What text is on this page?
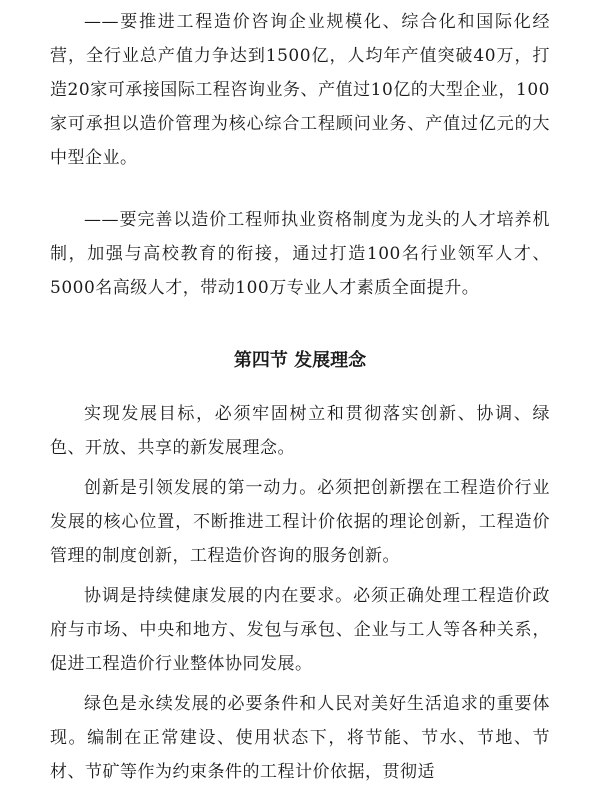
——要推进工程造价咨询企业规模化、综合化和国际化经营，全行业总产值力争达到1500亿，人均年产值突破40万，打造20家可承接国际工程咨询业务、产值过10亿的大型企业，100家可承担以造价管理为核心综合工程顾问业务、产值过亿元的大中型企业。

——要完善以造价工程师执业资格制度为龙头的人才培养机制，加强与高校教育的衔接，通过打造100名行业领军人才、5000名高级人才，带动100万专业人才素质全面提升。

第四节 发展理念

实现发展目标，必须牢固树立和贯彻落实创新、协调、绿色、开放、共享的新发展理念。

创新是引领发展的第一动力。必须把创新摆在工程造价行业发展的核心位置，不断推进工程计价依据的理论创新，工程造价管理的制度创新，工程造价咨询的服务创新。

协调是持续健康发展的内在要求。必须正确处理工程造价政府与市场、中央和地方、发包与承包、企业与工人等各种关系，促进工程造价行业整体协同发展。

绿色是永续发展的必要条件和人民对美好生活追求的重要体现。编制在正常建设、使用状态下，将节能、节水、节地、节材、节矿等作为约束条件的工程计价依据，贯彻适
